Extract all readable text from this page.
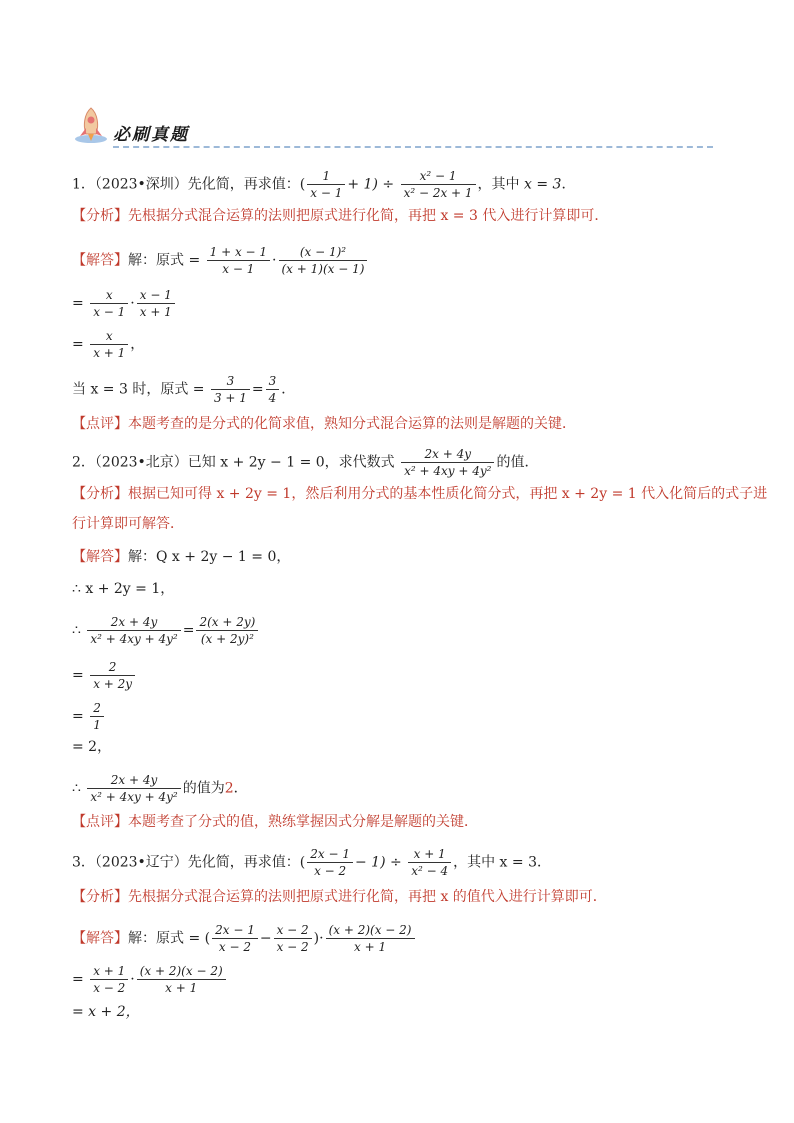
必刷真题
1．（2023•深圳）先化简，再求值：( $\frac{1}{x - 1} + 1) \div \frac{\text{x² − 1}}{\text{x² − 2x + 1}}$ ，其中 x = 3．
【分析】先根据分式混合运算的法则把原式进行化简，再把 x = 3 代入进行计算即可．
【解答】解：原式 = $\frac{1 + x - 1}{x - 1} \cdot \frac{\text{(x − 1)²}}{(x + 1)(x - 1)}$
= $\frac{x}{x - 1} \cdot \frac{x - 1}{x + 1}$
= $\frac{x}{x + 1}$ ，
当 x = 3 时，原式 = $\frac{3}{3 + 1} = \frac{3}{4}$ ．
【点评】本题考查的是分式的化简求值，熟知分式混合运算的法则是解题的关键．
2．（2023•北京）已知 x + 2y − 1 = 0，求代数式 $\frac{2x + 4y}{\text{x² + 4xy + 4y²}}$ 的值．
【分析】根据已知可得 x + 2y = 1，然后利用分式的基本性质化简分式，再把 x + 2y = 1 代入化简后的式子进
行计算即可解答．
【解答】解：Q x + 2y − 1 = 0，
∴ x + 2y = 1，
∴ $\frac{2x + 4y}{\text{x² + 4xy + 4y²}} = \frac{2(x + 2y)}{\text{(x + 2y)²}}$
= $\frac{2}{x + 2y}$
= $\frac{2}{1}$
= 2，
∴ $\frac{2x + 4y}{\text{x² + 4xy + 4y²}}$ 的值为2．
【点评】本题考查了分式的值，熟练掌握因式分解是解题的关键．
3．（2023•辽宁）先化简，再求值：( $\frac{2x - 1}{x - 2} - 1) \div \frac{x + 1}{\text{x² − 4}}$ ，其中 x = 3．
【分析】先根据分式混合运算的法则把原式进行化简，再把 x 的值代入进行计算即可．
【解答】解：原式 = ( $\frac{2x - 1}{x - 2} - \frac{x - 2}{x - 2}$ )· $\frac{(x + 2)(x - 2)}{x + 1}$
= $\frac{x + 1}{x - 2} \cdot \frac{(x + 2)(x - 2)}{x + 1}$
= x + 2，
